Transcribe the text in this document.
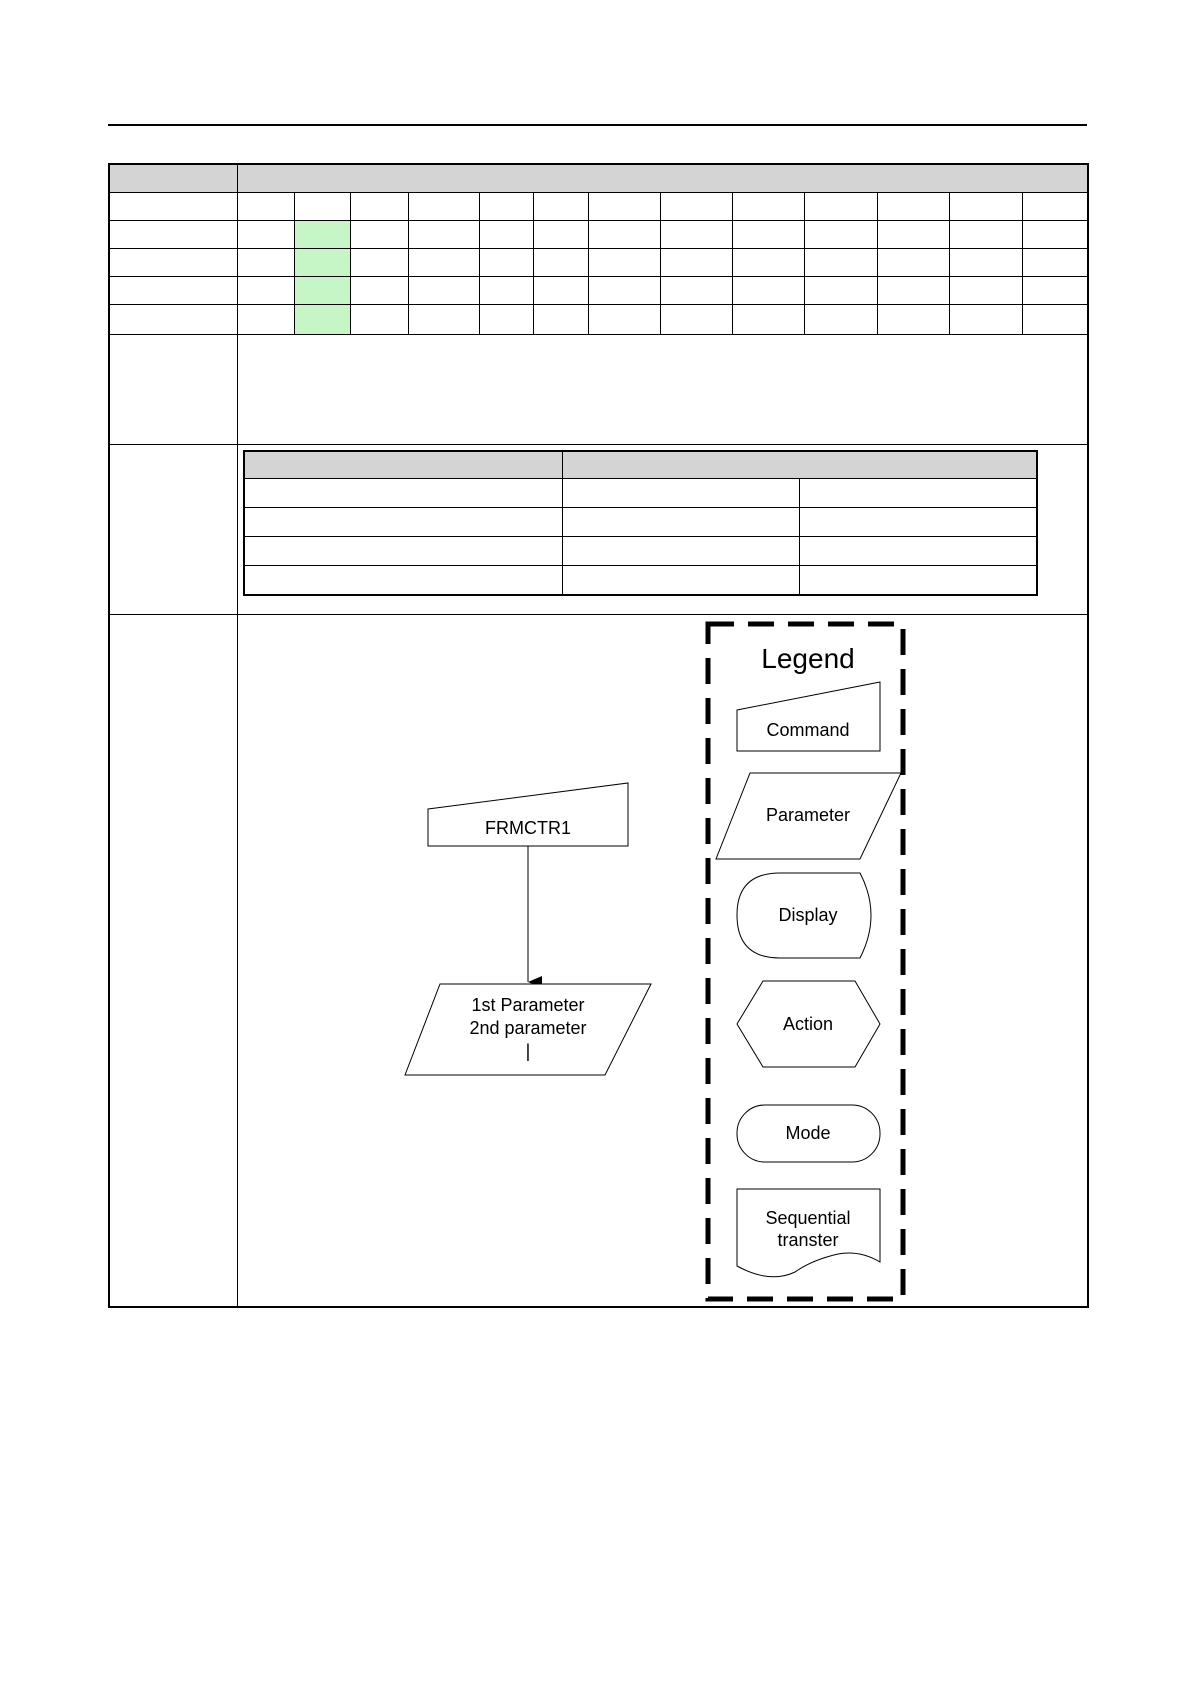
FRMCTR1
1st Parameter
2nd parameter
|
Legend
Command
Parameter
Display
Action
Mode
Sequential
transter
